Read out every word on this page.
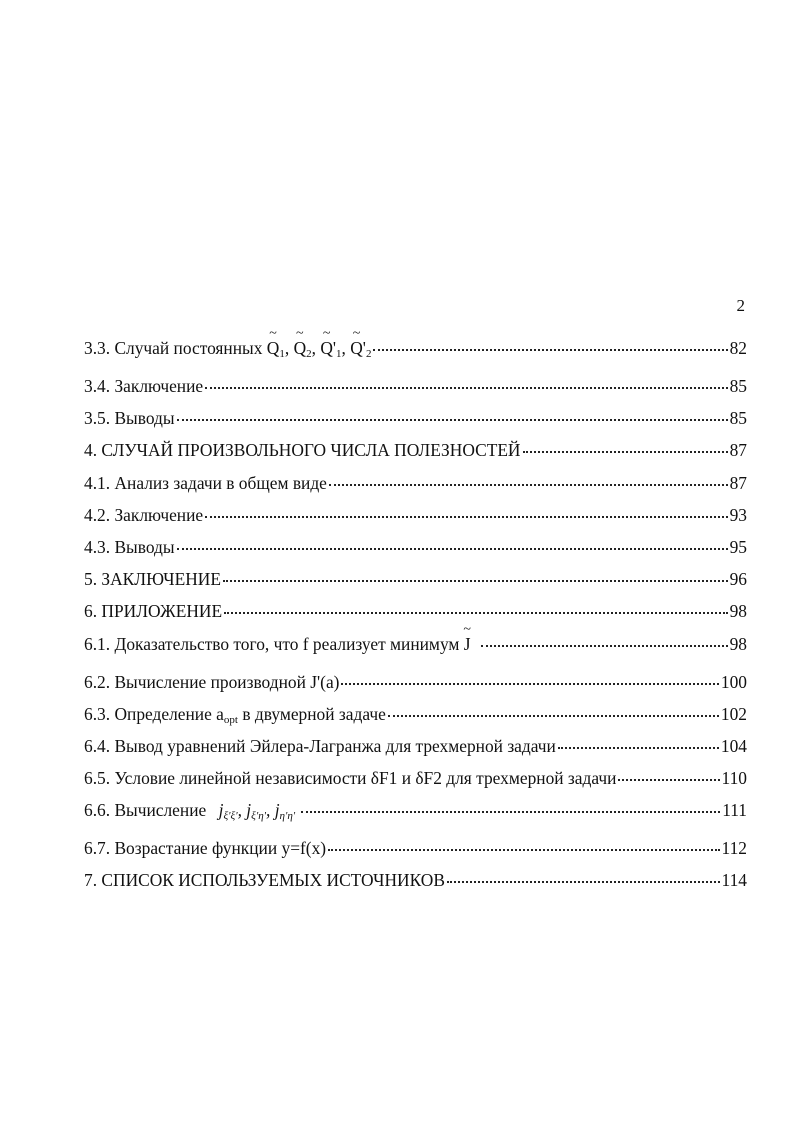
2
3.3. Случай постоянных ~ $Q_1$, ~ $Q_2$, ~ $Q'_1$, ~ $Q'_2$	82
3.4. Заключение	85
3.5. Выводы	85
4. СЛУЧАЙ ПРОИЗВОЛЬНОГО ЧИСЛА ПОЛЕЗНОСТЕЙ	87
4.1. Анализ задачи в общем виде	87
4.2. Заключение	93
4.3. Выводы	95
5. ЗАКЛЮЧЕНИЕ	96
6. ПРИЛОЖЕНИЕ	98
6.1. Доказательство того, что f реализует минимум ~ J	98
6.2. Вычисление производной J'(a)	100
6.3. Определение $a_{opt}$ в двумерной задаче	102
6.4. Вывод уравнений Эйлера-Лагранжа для трехмерной задачи	104
6.5. Условие линейной независимости δF1 и δF2 для трехмерной задачи	110
6.6. Вычисление $j_{\xi'\xi'}$, $j_{\xi'\eta'}$, $j_{\eta'\eta'}$	111
6.7. Возрастание функции y=f(x)	112
7. СПИСОК ИСПОЛЬЗУЕМЫХ ИСТОЧНИКОВ	114
